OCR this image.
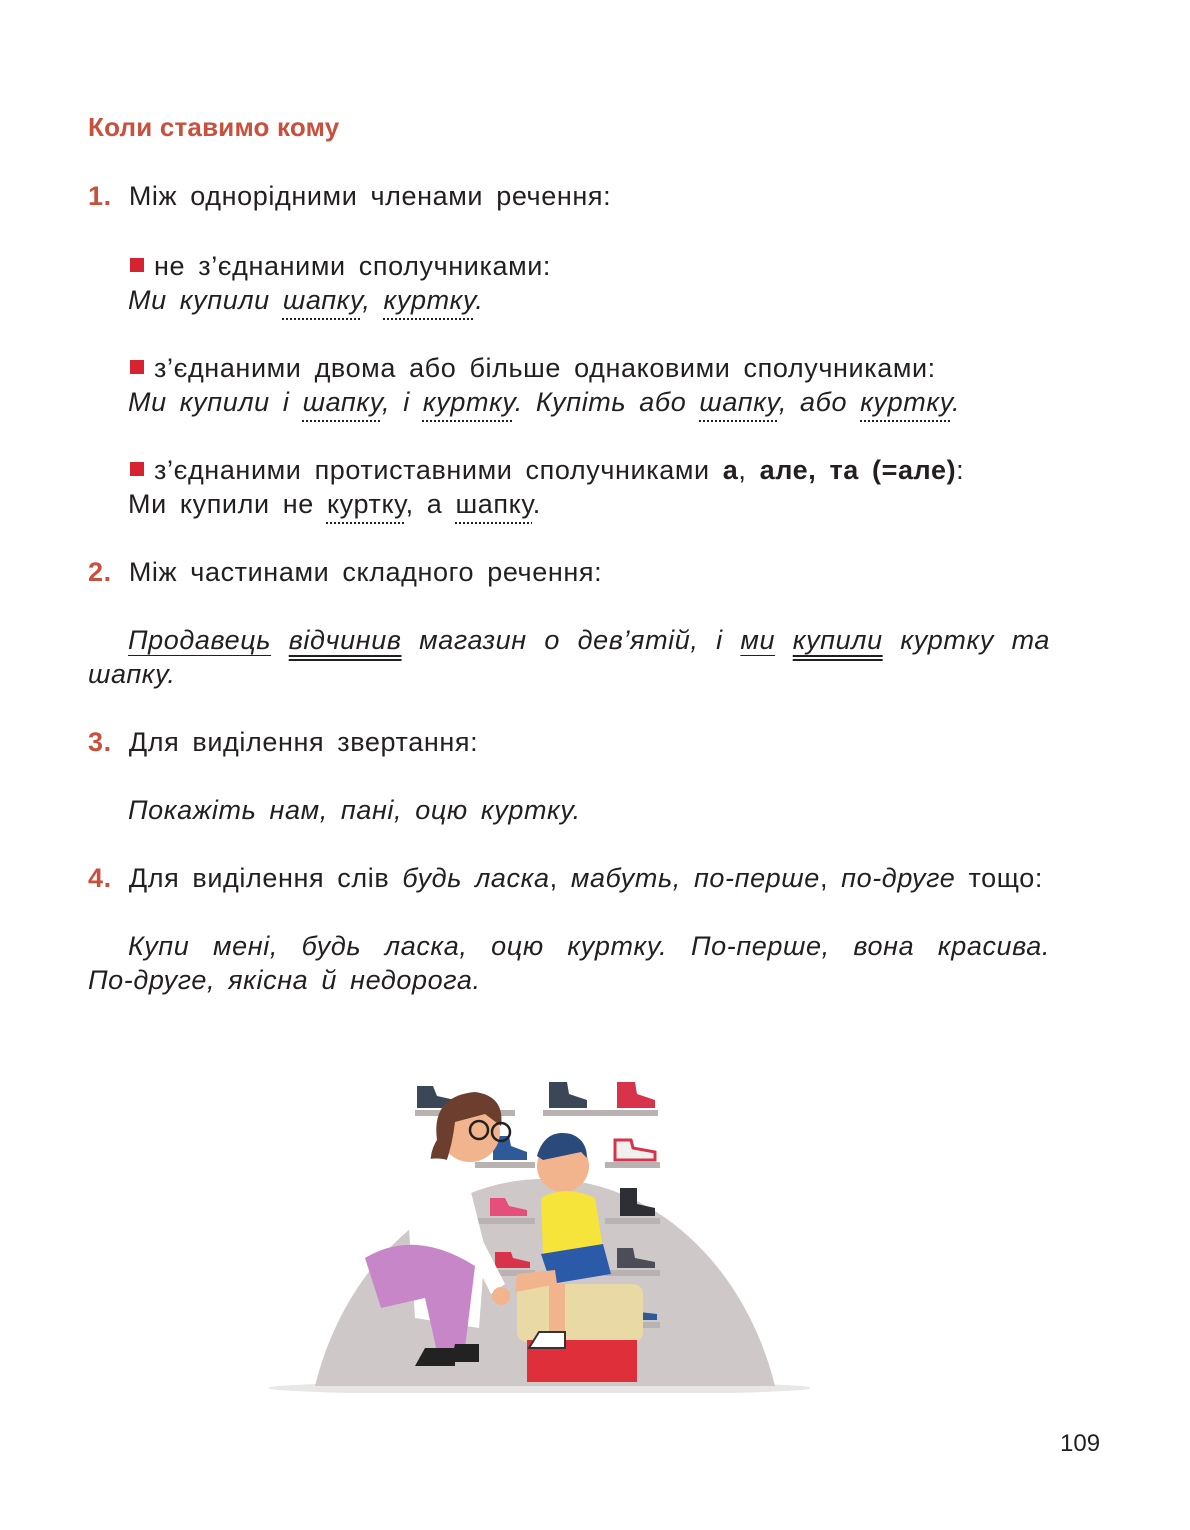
Коли ставимо кому
1. Між однорідними членами речення:
не з’єднаними сполучниками:
Ми купили шапку, куртку.
з’єднаними двома або більше однаковими сполучниками:
Ми купили і шапку, і куртку. Купіть або шапку, або куртку.
з’єднаними протиставними сполучниками а, але, та (=але):
Ми купили не куртку, а шапку.
2. Між частинами складного речення:
Продавець відчинив магазин о дев’ятій, і ми купили куртку та
шапку.
3. Для виділення звертання:
Покажіть нам, пані, оцю куртку.
4. Для виділення слів будь ласка, мабуть, по-перше, по-друге тощо:
Купи мені, будь ласка, оцю куртку. По-перше, вона красива.
По-друге, якісна й недорога.
109
